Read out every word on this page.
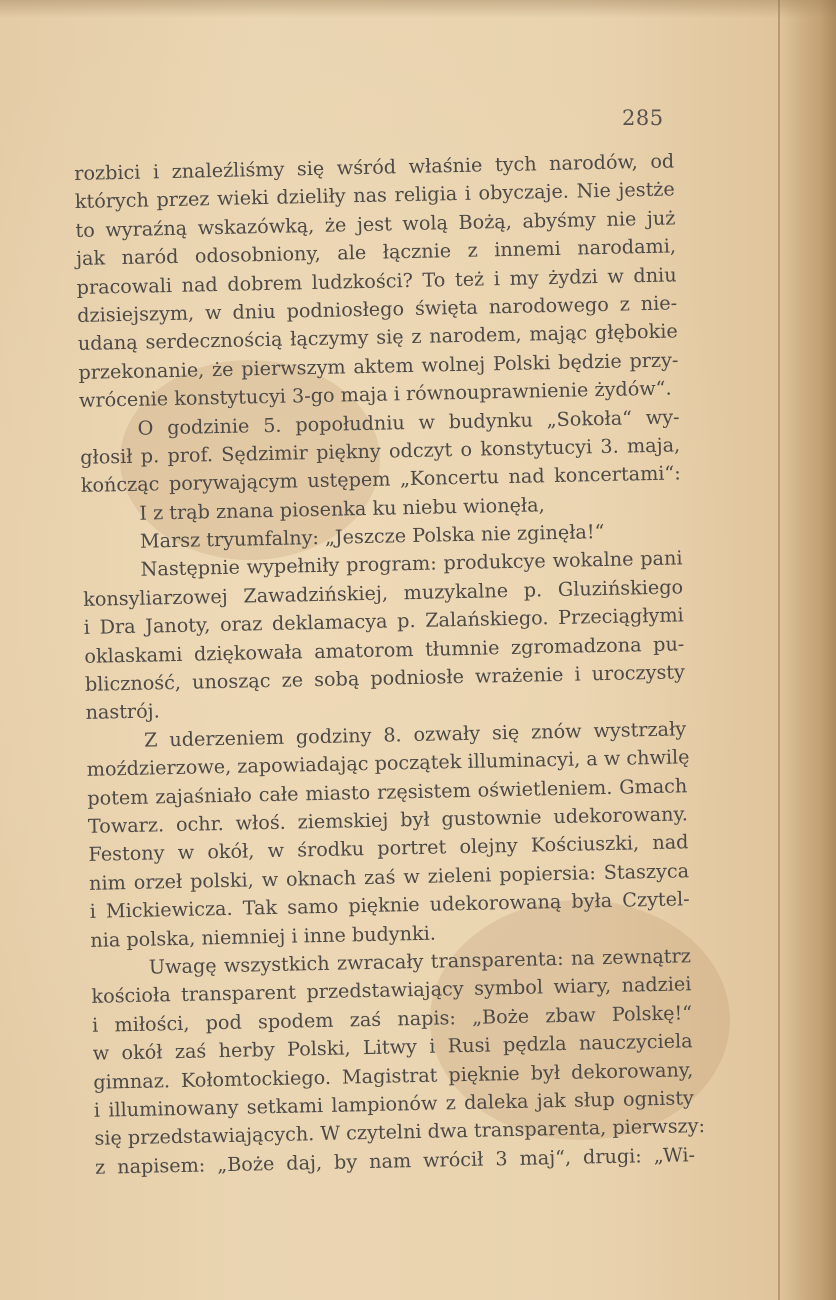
285
rozbici i znaleźliśmy się wśród właśnie tych narodów, od
których przez wieki dzieliły nas religia i obyczaje. Nie jestże
to wyraźną wskazówką, że jest wolą Bożą, abyśmy nie już
jak naród odosobniony, ale łącznie z innemi narodami,
pracowali nad dobrem ludzkości? To też i my żydzi w dniu
dzisiejszym, w dniu podniosłego święta narodowego z nie-
udaną serdecznością łączymy się z narodem, mając głębokie
przekonanie, że pierwszym aktem wolnej Polski będzie przy-
wrócenie konstytucyi 3-go maja i równouprawnienie żydów“.
O godzinie 5. popołudniu w budynku „Sokoła“ wy-
głosił p. prof. Sędzimir piękny odczyt o konstytucyi 3. maja,
kończąc porywającym ustępem „Koncertu nad koncertami“:
I z trąb znana piosenka ku niebu wionęła,
Marsz tryumfalny: „Jeszcze Polska nie zginęła!“
Następnie wypełniły program: produkcye wokalne pani
konsyliarzowej Zawadzińskiej, muzykalne p. Gluzińskiego
i Dra Janoty, oraz deklamacya p. Zalańskiego. Przeciągłymi
oklaskami dziękowała amatorom tłumnie zgromadzona pu-
bliczność, unosząc ze sobą podniosłe wrażenie i uroczysty
nastrój.
Z uderzeniem godziny 8. ozwały się znów wystrzały
moździerzowe, zapowiadając początek illuminacyi, a w chwilę
potem zajaśniało całe miasto rzęsistem oświetleniem. Gmach
Towarz. ochr. włoś. ziemskiej był gustownie udekorowany.
Festony w okół, w środku portret olejny Kościuszki, nad
nim orzeł polski, w oknach zaś w zieleni popiersia: Staszyca
i Mickiewicza. Tak samo pięknie udekorowaną była Czytel-
nia polska, niemniej i inne budynki.
Uwagę wszystkich zwracały transparenta: na zewnątrz
kościoła transparent przedstawiający symbol wiary, nadziei
i miłości, pod spodem zaś napis: „Boże zbaw Polskę!“
w okół zaś herby Polski, Litwy i Rusi pędzla nauczyciela
gimnaz. Kołomtockiego. Magistrat pięknie był dekorowany,
i illuminowany setkami lampionów z daleka jak słup ognisty
się przedstawiających. W czytelni dwa transparenta, pierwszy:
z napisem: „Boże daj, by nam wrócił 3 maj“, drugi: „Wi-
